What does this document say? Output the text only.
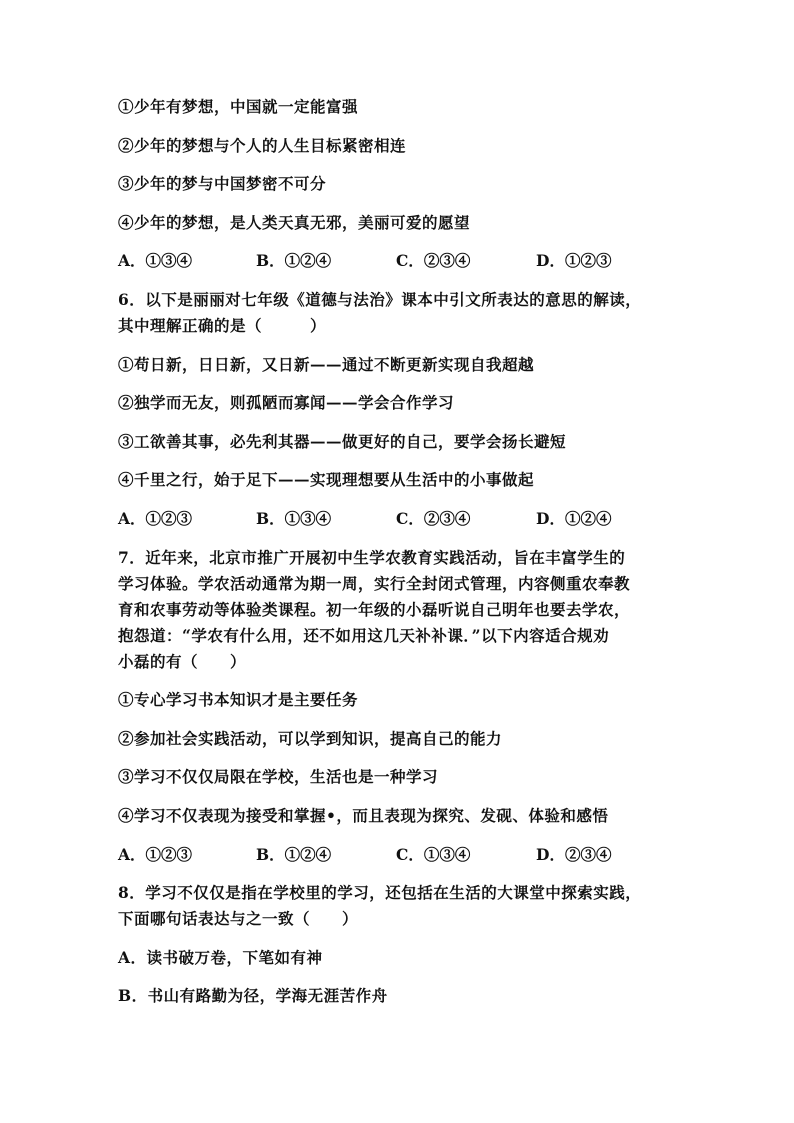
①少年有梦想，中国就一定能富强
②少年的梦想与个人的人生目标紧密相连
③少年的梦与中国梦密不可分
④少年的梦想，是人类天真无邪，美丽可爱的愿望
A．①③④	B．①②④	C．②③④	D．①②③
6．以下是丽丽对七年级《道德与法治》课本中引文所表达的意思的解读，
其中理解正确的是（　　　）
①苟日新，日日新，又日新——通过不断更新实现自我超越
②独学而无友，则孤陋而寡闻——学会合作学习
③工欲善其事，必先利其器——做更好的自己，要学会扬长避短
④千里之行，始于足下——实现理想要从生活中的小事做起
A．①②③	B．①③④	C．②③④	D．①②④
7．近年来，北京市推广开展初中生学农教育实践活动，旨在丰富学生的
学习体验。学农活动通常为期一周，实行全封闭式管理，内容侧重农奉教
育和农事劳动等体验类课程。初一年级的小磊听说自己明年也要去学农，
抱怨道：“学农有什么用，还不如用这几天补补课．”以下内容适合规劝
小磊的有（　　）
①专心学习书本知识才是主要任务
②参加社会实践活动，可以学到知识，提高自己的能力
③学习不仅仅局限在学校，生活也是一种学习
④学习不仅表现为接受和掌握•，而且表现为探究、发砚、体验和感悟
A．①②③	B．①②④	C．①③④	D．②③④
8．学习不仅仅是指在学校里的学习，还包括在生活的大课堂中探索实践，
下面哪句话表达与之一致（　　）
A．读书破万卷，下笔如有神
B．书山有路勤为径，学海无涯苦作舟
